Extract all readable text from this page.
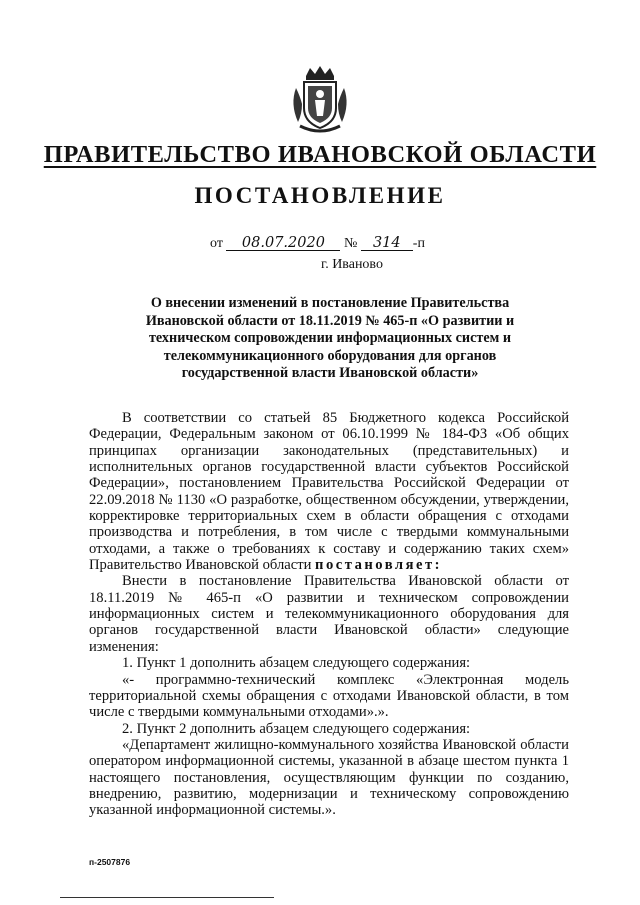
ПРАВИТЕЛЬСТВО ИВАНОВСКОЙ ОБЛАСТИ
ПОСТАНОВЛЕНИЕ
от 08.07.2020 № 314 -п
г. Иваново
О внесении изменений в постановление Правительства Ивановской области от 18.11.2019 № 465-п «О развитии и техническом сопровождении информационных систем и телекоммуникационного оборудования для органов государственной власти Ивановской области»

В соответствии со статьей 85 Бюджетного кодекса Российской Федерации, Федеральным законом от 06.10.1999 № 184-ФЗ «Об общих принципах организации законодательных (представительных) и исполнительных органов государственной власти субъектов Российской Федерации», постановлением Правительства Российской Федерации от 22.09.2018 № 1130 «О разработке, общественном обсуждении, утверждении, корректировке территориальных схем в области обращения с отходами производства и потребления, в том числе с твердыми коммунальными отходами, а также о требованиях к составу и содержанию таких схем» Правительство Ивановской области постановляет:

Внести в постановление Правительства Ивановской области от 18.11.2019 № 465-п «О развитии и техническом сопровождении информационных систем и телекоммуникационного оборудования для органов государственной власти Ивановской области» следующие изменения:

1. Пункт 1 дополнить абзацем следующего содержания:

«- программно-технический комплекс «Электронная модель территориальной схемы обращения с отходами Ивановской области, в том числе с твердыми коммунальными отходами».».

2. Пункт 2 дополнить абзацем следующего содержания:

«Департамент жилищно-коммунального хозяйства Ивановской области оператором информационной системы, указанной в абзаце шестом пункта 1 настоящего постановления, осуществляющим функции по созданию, внедрению, развитию, модернизации и техническому сопровождению указанной информационной системы.».

п-2507876
